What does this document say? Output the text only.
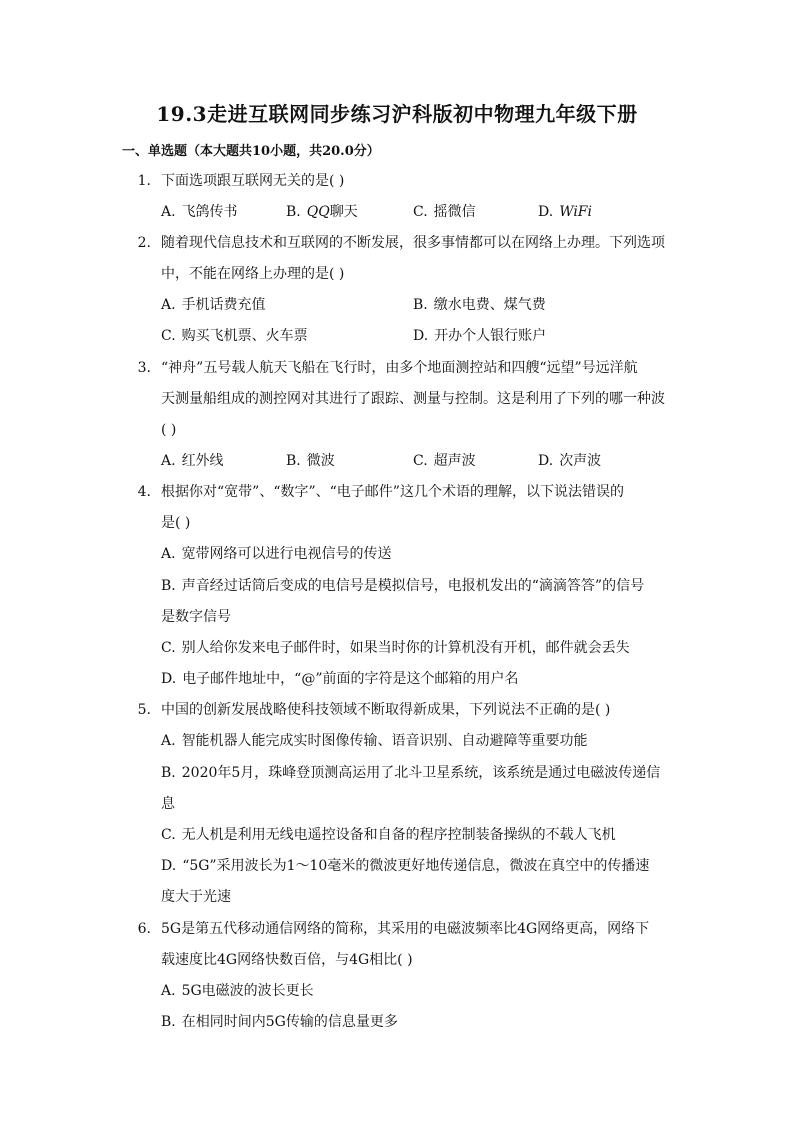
19.3走进互联网同步练习沪科版初中物理九年级下册
一、单选题（本大题共10小题，共20.0分）
1. 下面选项跟互联网无关的是( )
A. 飞鸽传书	B. QQ聊天	C. 摇微信	D. WiFi
2. 随着现代信息技术和互联网的不断发展，很多事情都可以在网络上办理。下列选项
中，不能在网络上办理的是( )
A. 手机话费充值	B. 缴水电费、煤气费
C. 购买飞机票、火车票	D. 开办个人银行账户
3. “神舟”五号载人航天飞船在飞行时，由多个地面测控站和四艘“远望”号远洋航
天测量船组成的测控网对其进行了跟踪、测量与控制。这是利用了下列的哪一种波
( )
A. 红外线	B. 微波	C. 超声波	D. 次声波
4. 根据你对“宽带”、“数字”、“电子邮件”这几个术语的理解，以下说法错误的
是( )
A. 宽带网络可以进行电视信号的传送
B. 声音经过话筒后变成的电信号是模拟信号，电报机发出的“滴滴答答”的信号
是数字信号
C. 别人给你发来电子邮件时，如果当时你的计算机没有开机，邮件就会丢失
D. 电子邮件地址中，“@”前面的字符是这个邮箱的用户名
5. 中国的创新发展战略使科技领域不断取得新成果，下列说法不正确的是( )
A. 智能机器人能完成实时图像传输、语音识别、自动避障等重要功能
B. 2020年5月，珠峰登顶测高运用了北斗卫星系统，该系统是通过电磁波传递信
息
C. 无人机是利用无线电遥控设备和自备的程序控制装备操纵的不载人飞机
D. “5G”采用波长为1～10毫米的微波更好地传递信息，微波在真空中的传播速
度大于光速
6. 5G是第五代移动通信网络的简称，其采用的电磁波频率比4G网络更高，网络下
载速度比4G网络快数百倍，与4G相比( )
A. 5G电磁波的波长更长
B. 在相同时间内5G传输的信息量更多
